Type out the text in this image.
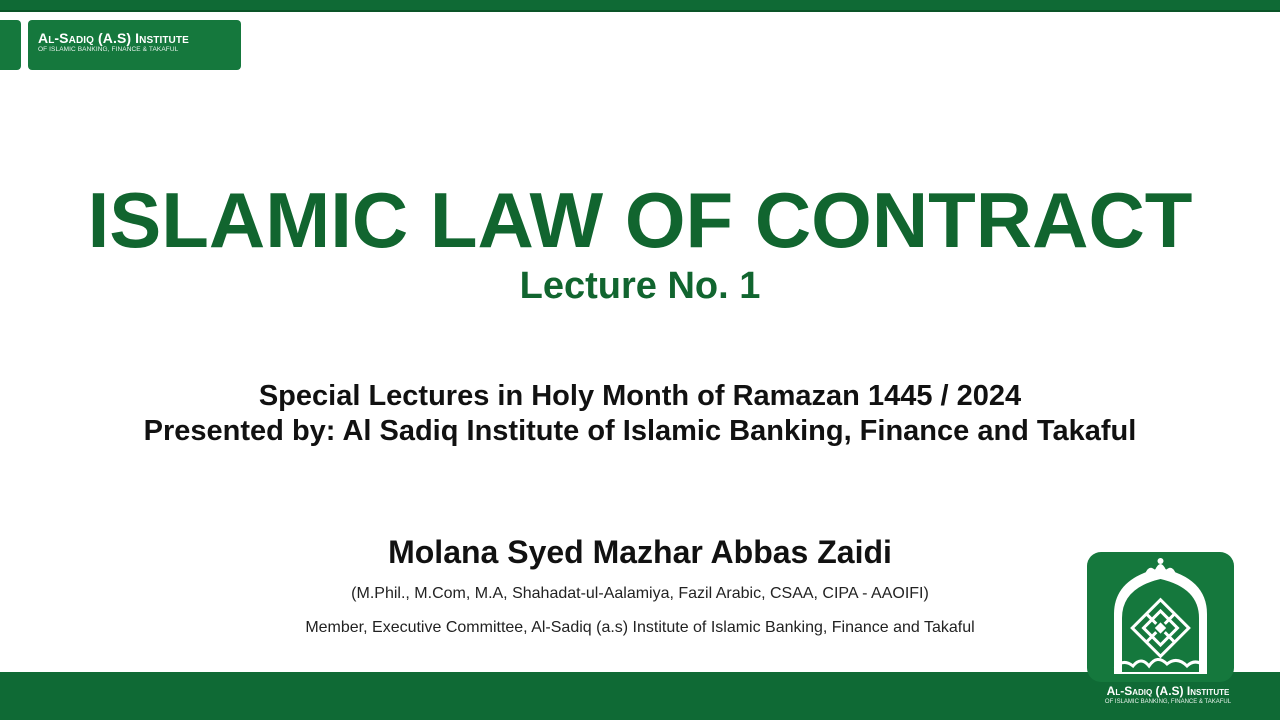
Al-Sadiq (A.S) Institute
OF ISLAMIC BANKING, FINANCE & TAKAFUL
ISLAMIC LAW OF CONTRACT
Lecture No. 1
Special Lectures in Holy Month of Ramazan 1445 / 2024
Presented by: Al Sadiq Institute of Islamic Banking, Finance and Takaful
Molana Syed Mazhar Abbas Zaidi
(M.Phil., M.Com, M.A, Shahadat-ul-Aalamiya, Fazil Arabic, CSAA, CIPA - AAOIFI)
Member, Executive Committee, Al-Sadiq (a.s) Institute of Islamic Banking, Finance and Takaful
Al-Sadiq (A.S) Institute
OF ISLAMIC BANKING, FINANCE & TAKAFUL
